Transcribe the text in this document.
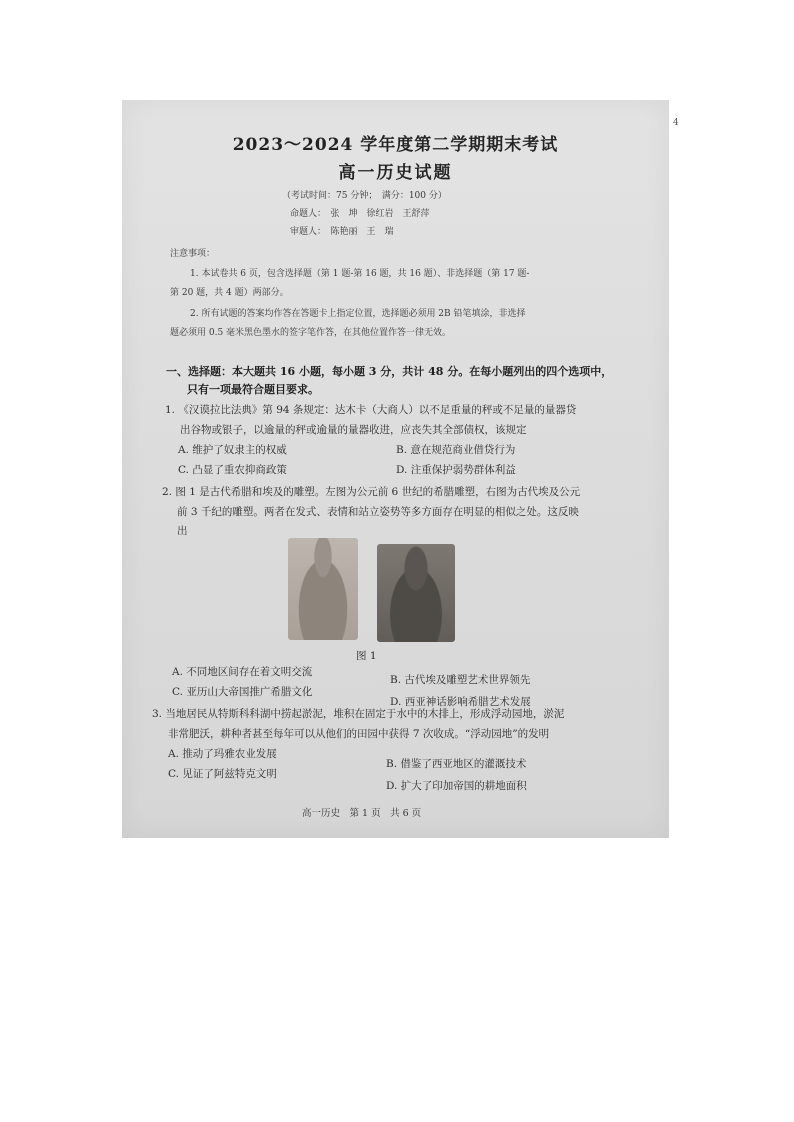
4
2023～2024 学年度第二学期期末考试
高一历史试题
（考试时间：75 分钟；　满分：100 分）
命题人：　张　坤　徐红岩　王舒萍
审题人：　陈艳丽　王　瑞
注意事项：
1. 本试卷共 6 页，包含选择题（第 1 题-第 16 题，共 16 题）、非选择题（第 17 题-
第 20 题，共 4 题）两部分。
2. 所有试题的答案均作答在答题卡上指定位置，选择题必须用 2B 铅笔填涂，非选择
题必须用 0.5 毫米黑色墨水的签字笔作答，在其他位置作答一律无效。
一、选择题：本大题共 16 小题，每小题 3 分，共计 48 分。在每小题列出的四个选项中，
只有一项最符合题目要求。
1. 《汉谟拉比法典》第 94 条规定：达木卡（大商人）以不足重量的秤或不足量的量器贷
出谷物或银子，以逾量的秤或逾量的量器收进，应丧失其全部债权，该规定
A. 维护了奴隶主的权威	B. 意在规范商业借贷行为
C. 凸显了重农抑商政策	D. 注重保护弱势群体利益
2. 图 1 是古代希腊和埃及的雕塑。左图为公元前 6 世纪的希腊雕塑，右图为古代埃及公元
前 3 千纪的雕塑。两者在发式、表情和站立姿势等多方面存在明显的相似之处。这反映
出
图 1
A. 不同地区间存在着文明交流
B. 古代埃及雕塑艺术世界领先
C. 亚历山大帝国推广希腊文化
D. 西亚神话影响希腊艺术发展
3. 当地居民从特斯科科湖中捞起淤泥，堆积在固定于水中的木排上，形成浮动园地，淤泥
非常肥沃，耕种者甚至每年可以从他们的田园中获得 7 次收成。“浮动园地”的发明
A. 推动了玛雅农业发展
B. 借鉴了西亚地区的灌溉技术
C. 见证了阿兹特克文明
D. 扩大了印加帝国的耕地面积
高一历史　第 1 页　共 6 页
